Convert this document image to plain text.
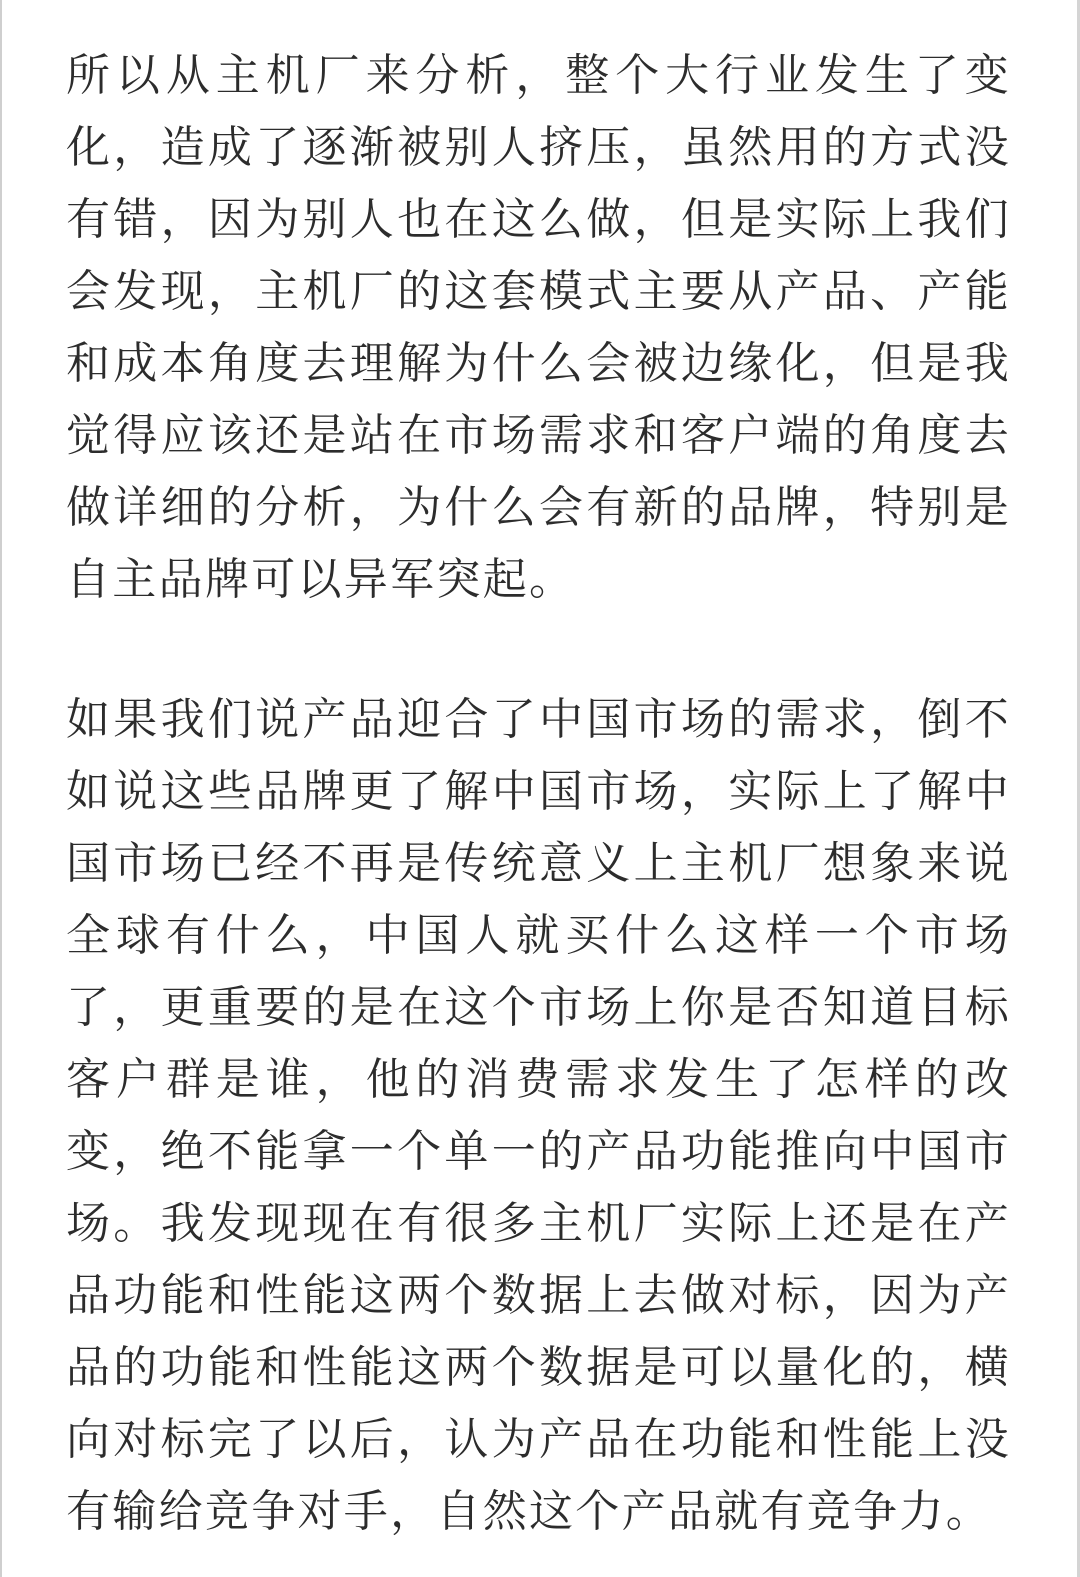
所以从主机厂来分析，整个大行业发生了变化，造成了逐渐被别人挤压，虽然用的方式没有错，因为别人也在这么做，但是实际上我们会发现，主机厂的这套模式主要从产品、产能和成本角度去理解为什么会被边缘化，但是我觉得应该还是站在市场需求和客户端的角度去做详细的分析，为什么会有新的品牌，特别是自主品牌可以异军突起。

如果我们说产品迎合了中国市场的需求，倒不如说这些品牌更了解中国市场，实际上了解中国市场已经不再是传统意义上主机厂想象来说全球有什么，中国人就买什么这样一个市场了，更重要的是在这个市场上你是否知道目标客户群是谁，他的消费需求发生了怎样的改变，绝不能拿一个单一的产品功能推向中国市场。我发现现在有很多主机厂实际上还是在产品功能和性能这两个数据上去做对标，因为产品的功能和性能这两个数据是可以量化的，横向对标完了以后，认为产品在功能和性能上没有输给竞争对手，自然这个产品就有竞争力。
